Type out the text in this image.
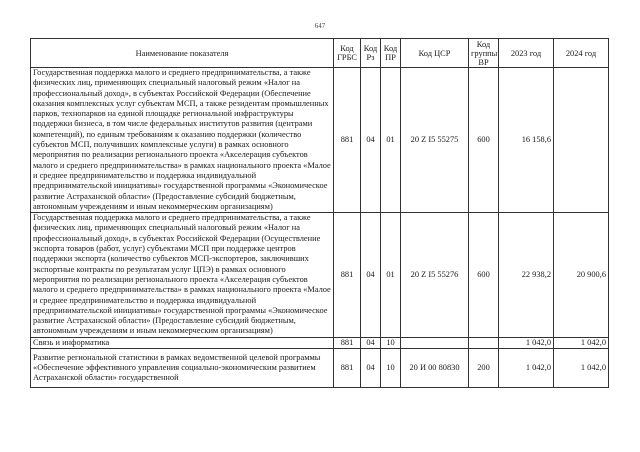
647
Наименование показателя	Код ГРБС	Код Рз	Код ПР	Код ЦСР	Код группы ВР	2023 год	2024 год
Государственная поддержка малого и среднего предпринимательства, а также физических лиц, применяющих специальный налоговый режим «Налог на профессиональный доход», в субъектах Российской Федерации (Обеспечение оказания комплексных услуг субъектам МСП, а также резидентам промышленных парков, технопарков на единой площадке региональной инфраструктуры поддержки бизнеса, в том числе федеральных институтов развития (центрами компетенций), по единым требованиям к оказанию поддержки (количество субъектов МСП, получивших комплексные услуги) в рамках основного мероприятия по реализации регионального проекта «Акселерация субъектов малого и среднего предпринимательства» в рамках национального проекта «Малое и среднее предпринимательство и поддержка индивидуальной предпринимательской инициативы» государственной программы «Экономическое развитие Астраханской области» (Предоставление субсидий бюджетным, автономным учреждениям и иным некоммерческим организациям)	881	04	01	20 Z I5 55275	600	16 158,6	
Государственная поддержка малого и среднего предпринимательства, а также физических лиц, применяющих специальный налоговый режим «Налог на профессиональный доход», в субъектах Российской Федерации (Осуществление экспорта товаров (работ, услуг) субъектами МСП при поддержке центров поддержки экспорта (количество субъектов МСП-экспортеров, заключивших экспортные контракты по результатам услуг ЦПЭ) в рамках основного мероприятия по реализации регионального проекта «Акселерация субъектов малого и среднего предпринимательства» в рамках национального проекта «Малое и среднее предпринимательство и поддержка индивидуальной предпринимательской инициативы» государственной программы «Экономическое развитие Астраханской области» (Предоставление субсидий бюджетным, автономным учреждениям и иным некоммерческим организациям)	881	04	01	20 Z I5 55276	600	22 938,2	20 900,6
Связь и информатика	881	04	10			1 042,0	1 042,0
Развитие региональной статистики в рамках ведомственной целевой программы «Обеспечение эффективного управления социально-экономическим развитием Астраханской области» государственной	881	04	10	20 И 00 80830	200	1 042,0	1 042,0
